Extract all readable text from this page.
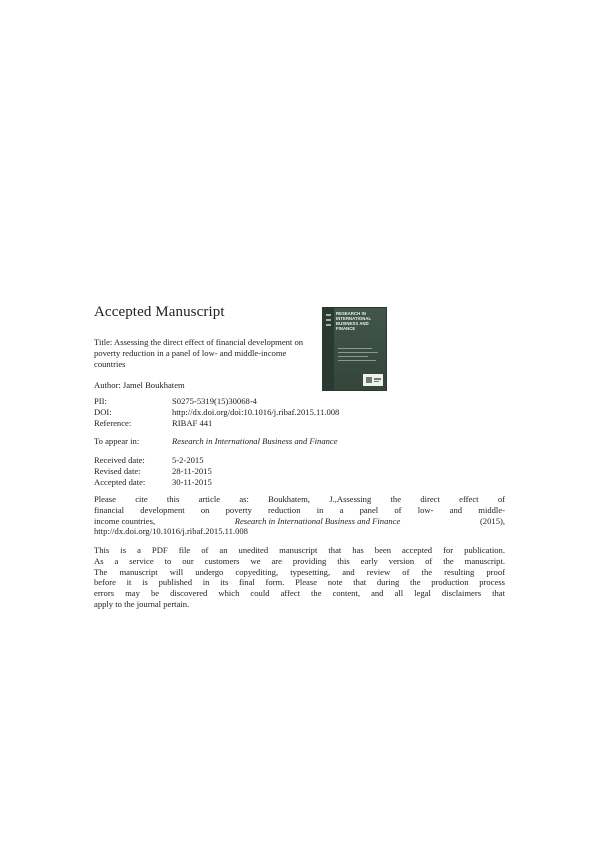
Accepted Manuscript
Title: Assessing the direct effect of financial development on
poverty reduction in a panel of low- and middle-income
countries
RESEARCH IN INTERNATIONAL BUSINESS AND FINANCE
Author: Jamel Boukhatem
PII:	S0275-5319(15)30068-4
DOI:	http://dx.doi.org/doi:10.1016/j.ribaf.2015.11.008
Reference:	RIBAF 441
To appear in:	Research in International Business and Finance
Received date:	5-2-2015
Revised date:	28-11-2015
Accepted date:	30-11-2015
Please cite this article as: Boukhatem, J.,Assessing the direct effect of
financial development on poverty reduction in a panel of low- and middle-
income countries,	Research in International Business and Finance	(2015),
http://dx.doi.org/10.1016/j.ribaf.2015.11.008
This is a PDF file of an unedited manuscript that has been accepted for publication.
As a service to our customers we are providing this early version of the manuscript.
The manuscript will undergo copyediting, typesetting, and review of the resulting proof
before it is published in its final form. Please note that during the production process
errors may be discovered which could affect the content, and all legal disclaimers that
apply to the journal pertain.
